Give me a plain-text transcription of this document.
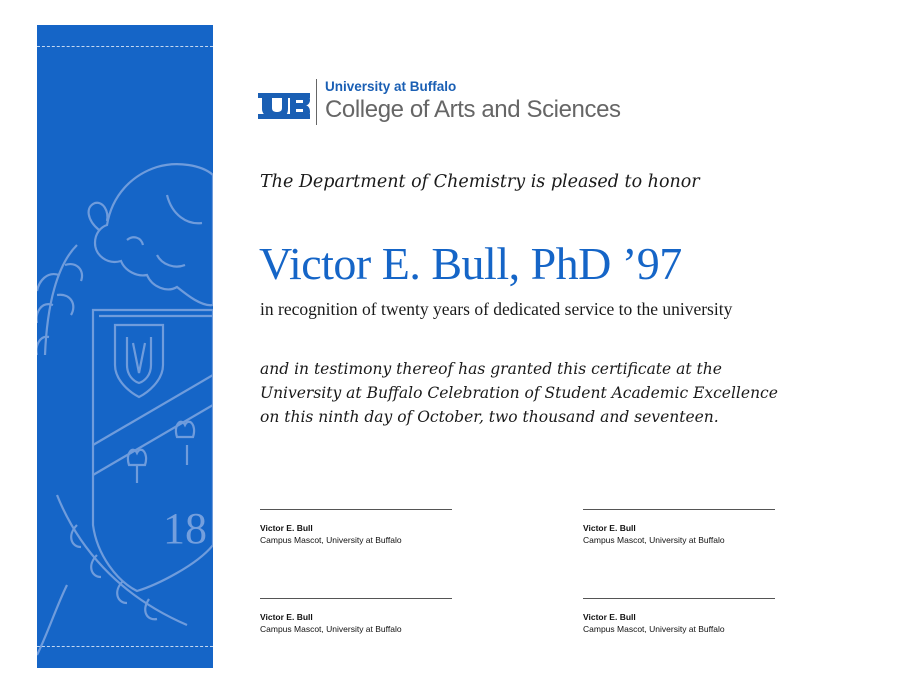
18
University at Buffalo
College of Arts and Sciences
The Department of Chemistry is pleased to honor
Victor E. Bull, PhD ’97
in recognition of twenty years of dedicated service to the university
and in testimony thereof has granted this certificate at the
University at Buffalo Celebration of Student Academic Excellence
on this ninth day of October, two thousand and seventeen.
Victor E. Bull
Campus Mascot, University at Buffalo
Victor E. Bull
Campus Mascot, University at Buffalo
Victor E. Bull
Campus Mascot, University at Buffalo
Victor E. Bull
Campus Mascot, University at Buffalo
